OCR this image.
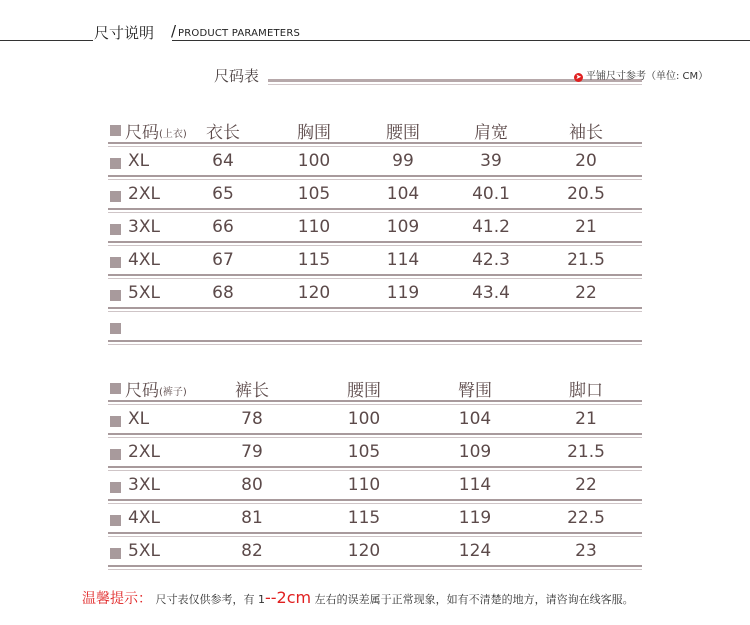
尺寸说明 / PRODUCT PARAMETERS
尺码表	➤ 平铺尺寸参考（单位: CM）
尺码 (上衣)	衣长	胸围	腰围	肩宽	袖长
XL	64	100	99	39	20
2XL	65	105	104	40.1	20.5
3XL	66	110	109	41.2	21
4XL	67	115	114	42.3	21.5
5XL	68	120	119	43.4	22
尺码 (裤子)	裤长	腰围	臀围	脚口
XL	78	100	104	21
2XL	79	105	109	21.5
3XL	80	110	114	22
4XL	81	115	119	22.5
5XL	82	120	124	23
温馨提示： 尺寸表仅供参考，有 1--2cm 左右的误差属于正常现象，如有不清楚的地方，请咨询在线客服。
